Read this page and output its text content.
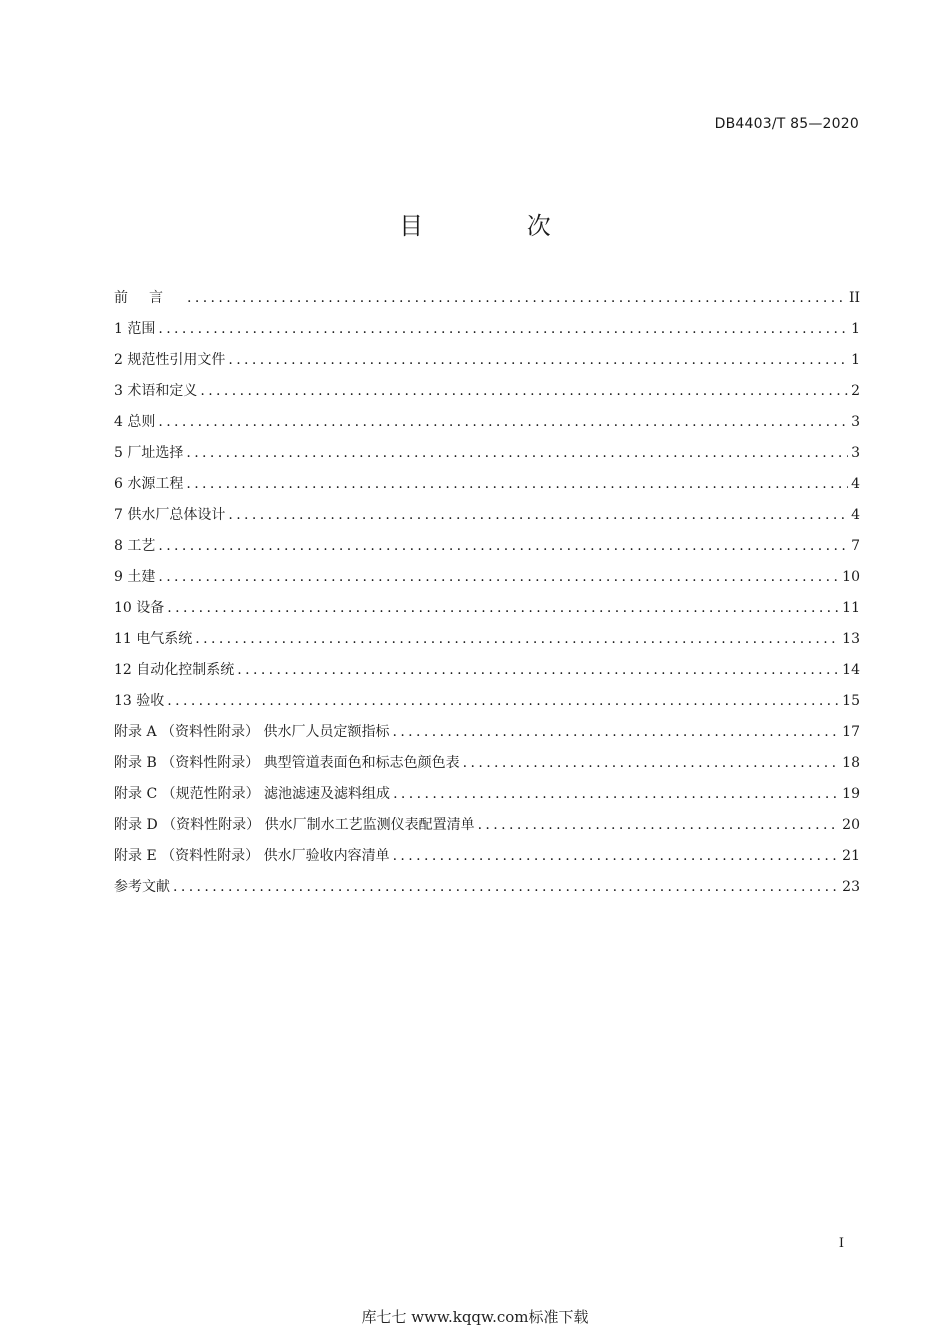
DB4403/T 85—2020
目 次
前言 .....	II
1 范围 .....	1
2 规范性引用文件 .....	1
3 术语和定义 .....	2
4 总则 .....	3
5 厂址选择 .....	3
6 水源工程 .....	4
7 供水厂总体设计 .....	4
8 工艺 .....	7
9 土建 .....	10
10 设备 .....	11
11 电气系统 .....	13
12 自动化控制系统 .....	14
13 验收 .....	15
附录 A （资料性附录） 供水厂人员定额指标 .....	17
附录 B （资料性附录） 典型管道表面色和标志色颜色表 .....	18
附录 C （规范性附录） 滤池滤速及滤料组成 .....	19
附录 D （资料性附录） 供水厂制水工艺监测仪表配置清单 .....	20
附录 E （资料性附录） 供水厂验收内容清单 .....	21
参考文献 .....	23
I
库七七 www.kqqw.com标准下载
